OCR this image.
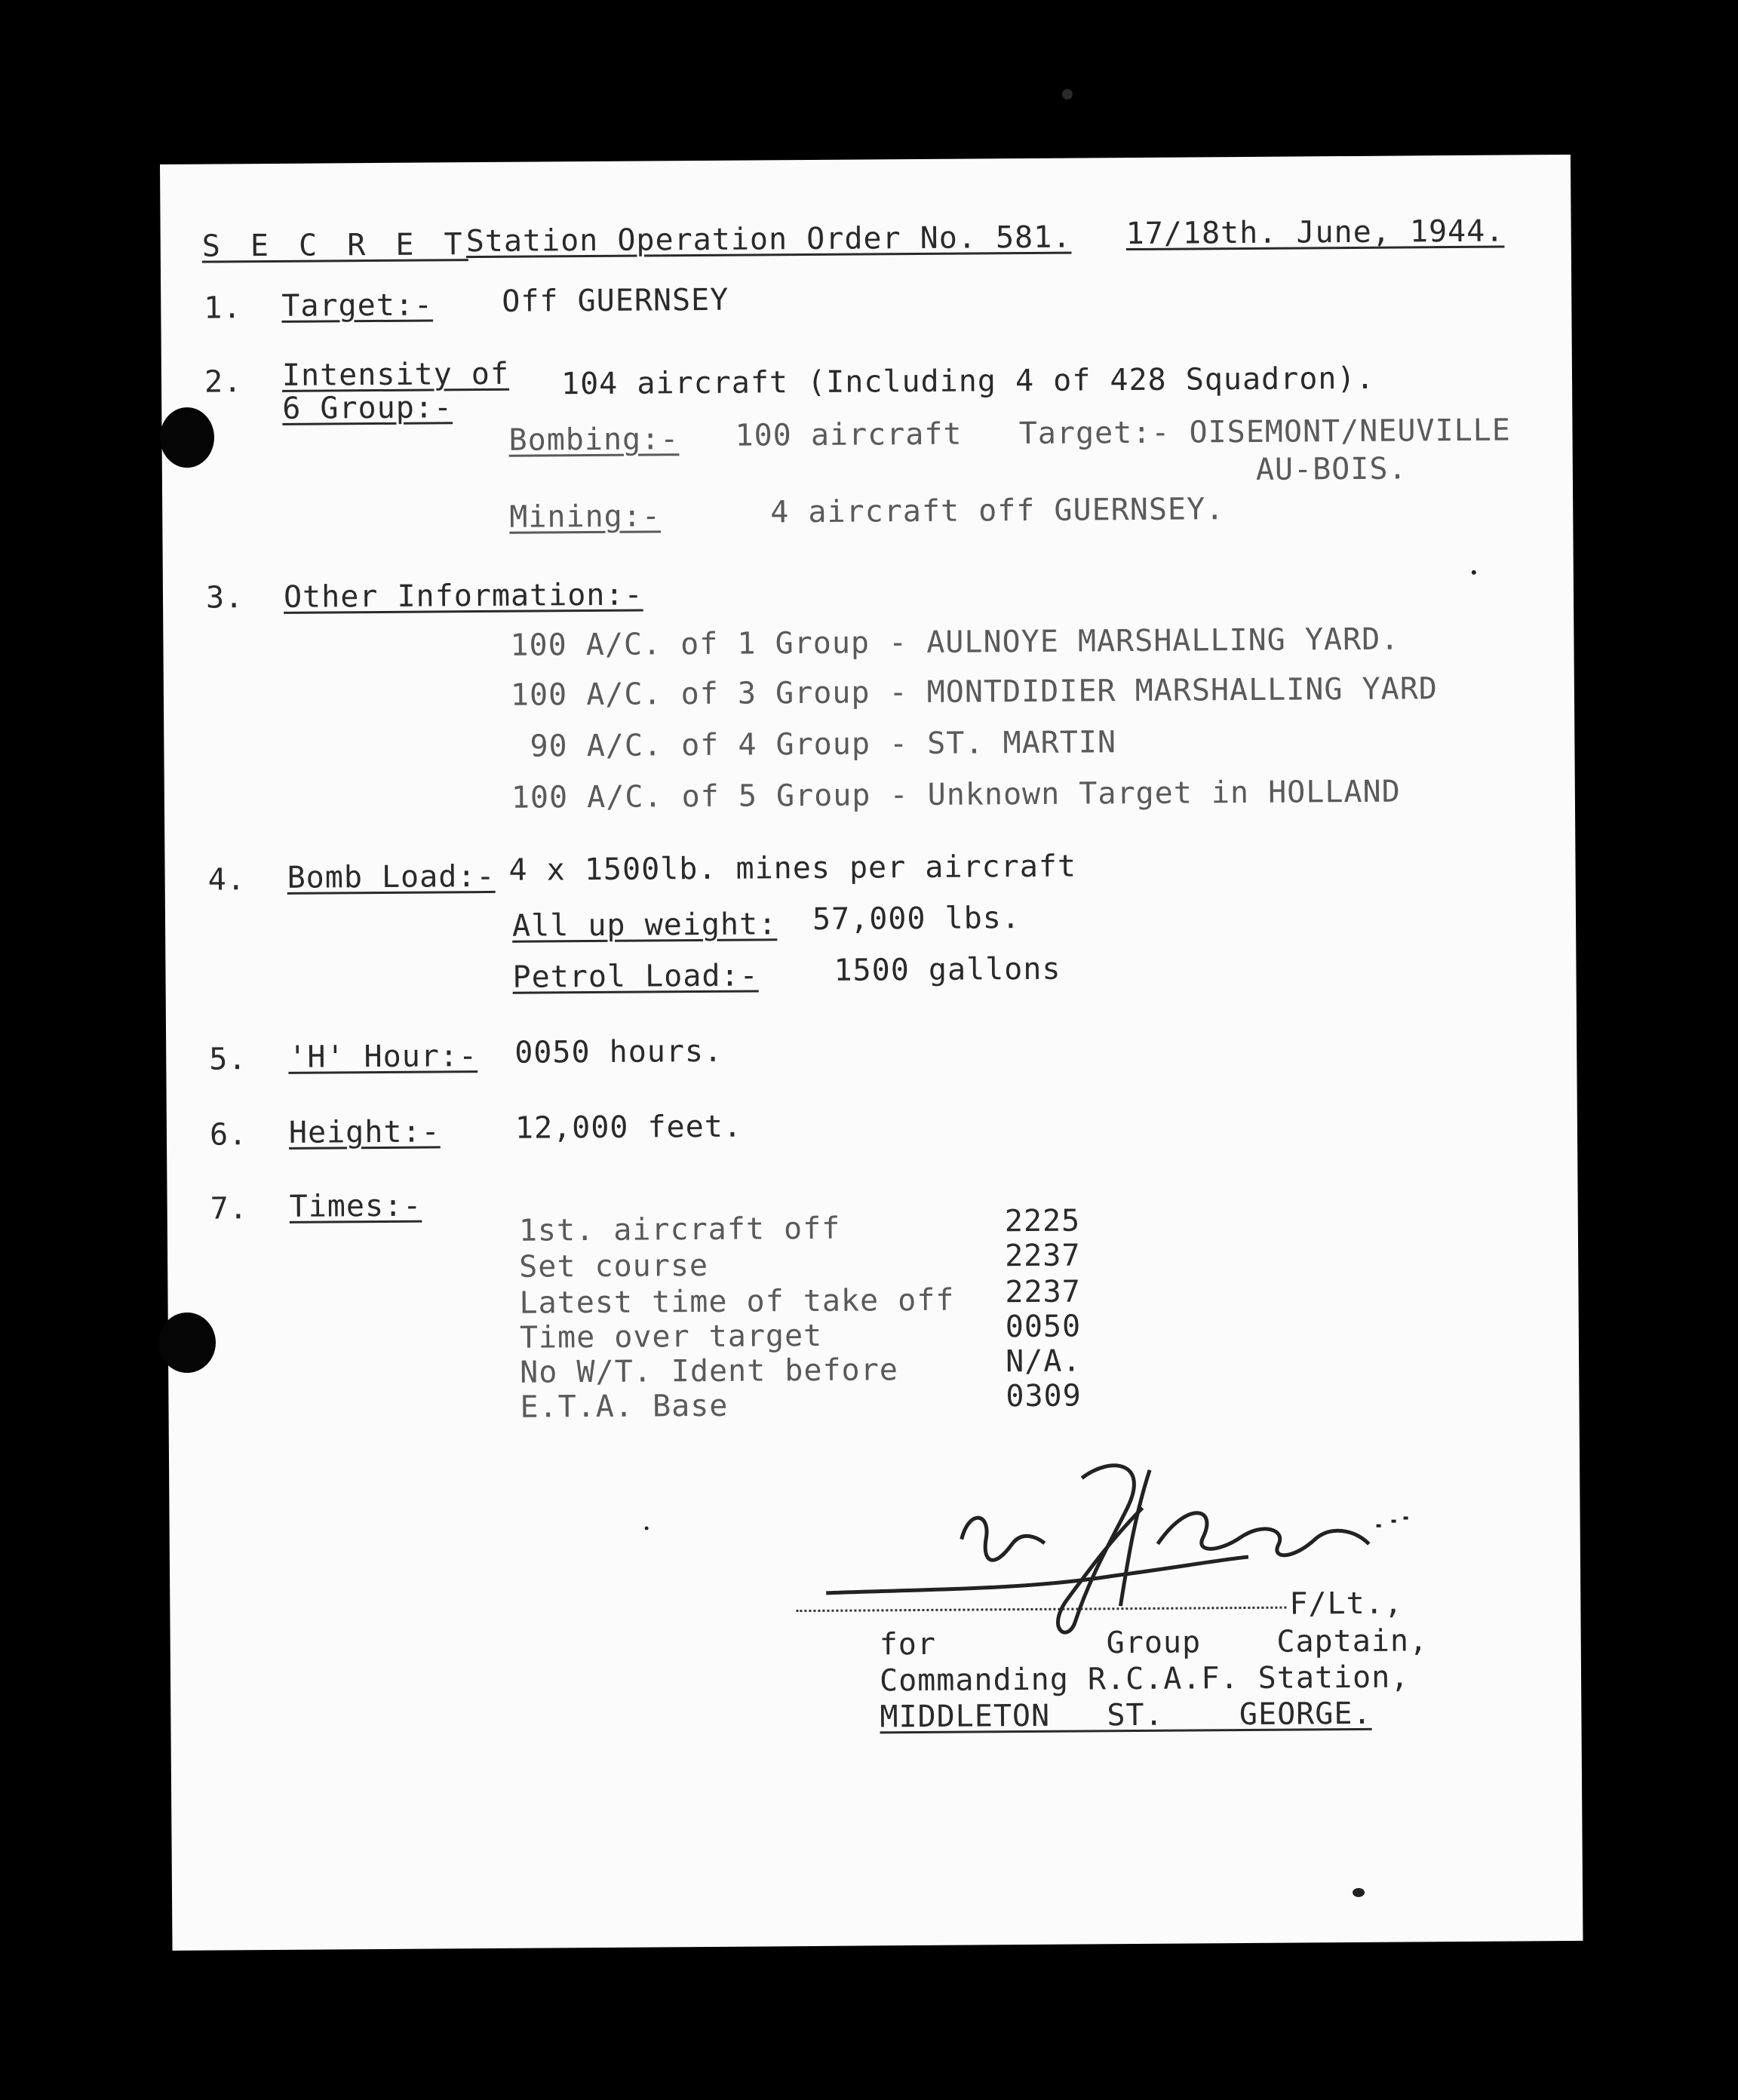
S E C R E T
Station Operation Order No. 581. 17/18th. June, 1944.
1. Target:- Off GUERNSEY
2. Intensity of
6 Group:-
104 aircraft (Including 4 of 428 Squadron).
Bombing:- 100 aircraft   Target:- OISEMONT/NEUVILLE
AU-BOIS.
Mining:-	4 aircraft off GUERNSEY.
3. Other Information:-
100 A/C. of 1 Group - AULNOYE MARSHALLING YARD.
100 A/C. of 3 Group - MONTDIDIER MARSHALLING YARD
90 A/C. of 4 Group - ST. MARTIN
100 A/C. of 5 Group - Unknown Target in HOLLAND
4. Bomb Load:- 4 x 1500lb. mines per aircraft
All up weight: 57,000 lbs.
Petrol Load:- 1500 gallons
5. 'H' Hour:- 0050 hours.
6. Height:- 12,000 feet.
7. Times:-
1st. aircraft off	2225
Set course	2237
Latest time of take off 2237
Time over target	0050
No W/T. Ident before	N/A.
E.T.A. Base	0309
F/Lt.,
for         Group    Captain,
Commanding R.C.A.F. Station,
MIDDLETON   ST.    GEORGE.
